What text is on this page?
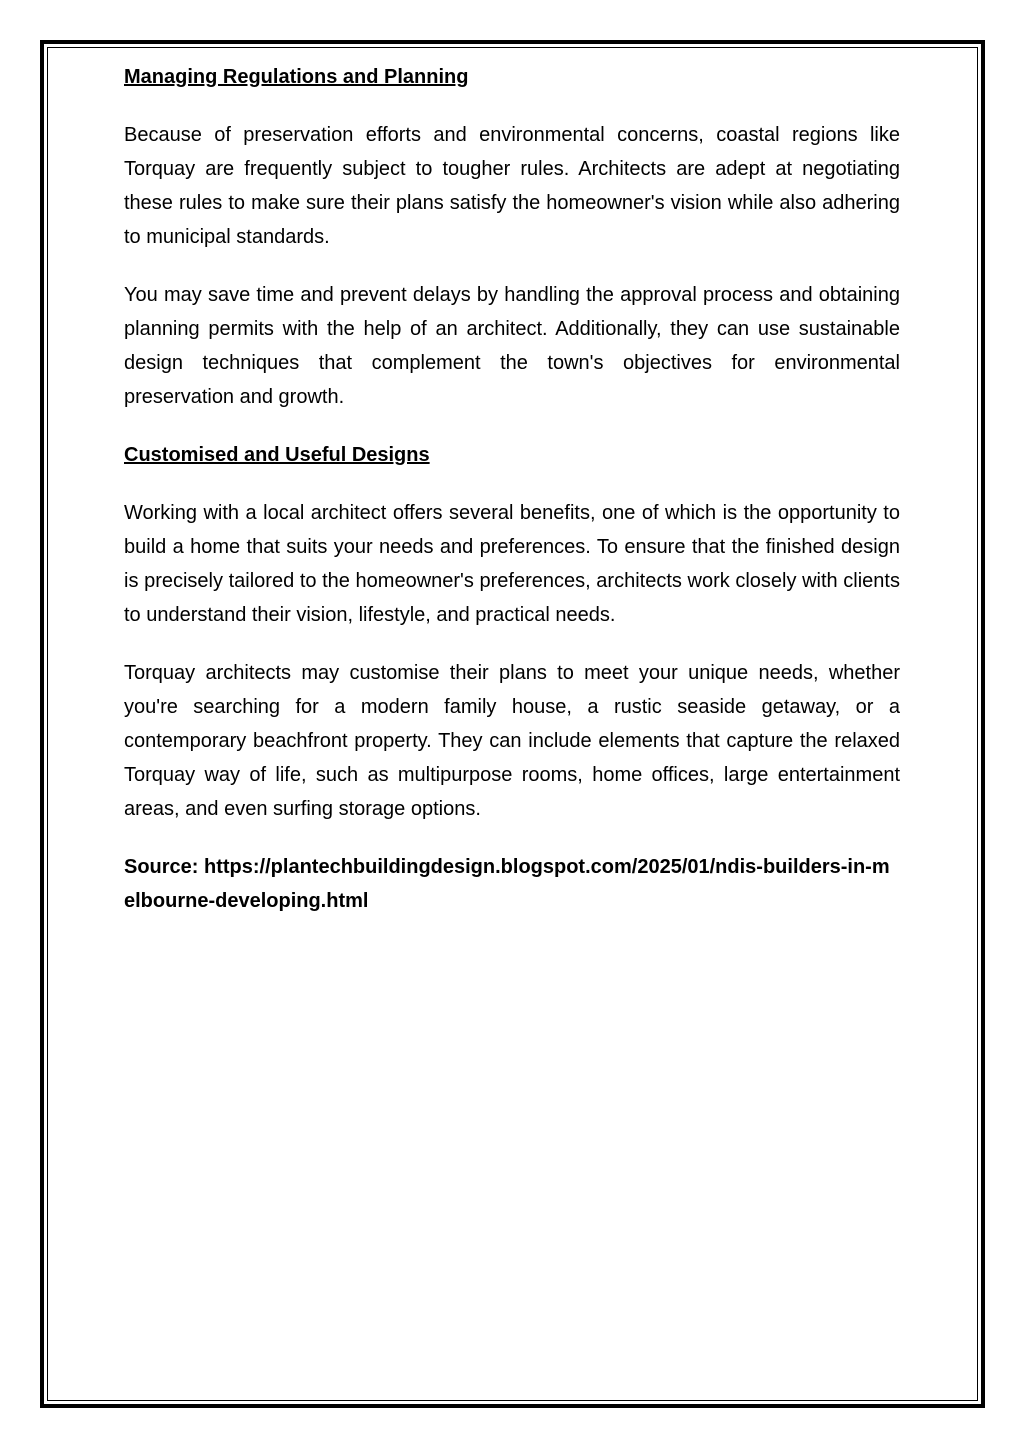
Managing Regulations and Planning

Because of preservation efforts and environmental concerns, coastal regions like Torquay are frequently subject to tougher rules. Architects are adept at negotiating these rules to make sure their plans satisfy the homeowner's vision while also adhering to municipal standards.

You may save time and prevent delays by handling the approval process and obtaining planning permits with the help of an architect. Additionally, they can use sustainable design techniques that complement the town's objectives for environmental preservation and growth.

Customised and Useful Designs

Working with a local architect offers several benefits, one of which is the opportunity to build a home that suits your needs and preferences. To ensure that the finished design is precisely tailored to the homeowner's preferences, architects work closely with clients to understand their vision, lifestyle, and practical needs.

Torquay architects may customise their plans to meet your unique needs, whether you're searching for a modern family house, a rustic seaside getaway, or a contemporary beachfront property. They can include elements that capture the relaxed Torquay way of life, such as multipurpose rooms, home offices, large entertainment areas, and even surfing storage options.

Source: https://plantechbuildingdesign.blogspot.com/2025/01/ndis-builders-in-melbourne-developing.html
